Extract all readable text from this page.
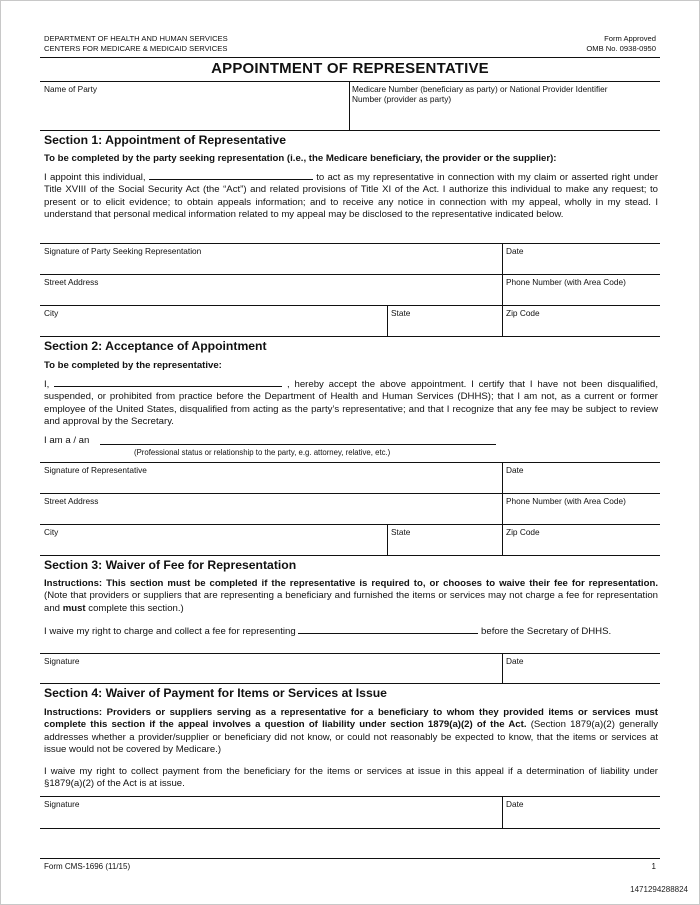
DEPARTMENT OF HEALTH AND HUMAN SERVICES
CENTERS FOR MEDICARE & MEDICAID SERVICES
Form Approved
OMB No. 0938-0950
APPOINTMENT OF REPRESENTATIVE
Name of Party	Medicare Number (beneficiary as party) or National Provider Identifier
Number (provider as party)
Section 1: Appointment of Representative
To be completed by the party seeking representation (i.e., the Medicare beneficiary, the provider or the supplier):
I appoint this individual,	to act as my representative in connection with my claim or asserted right under Title XVIII of the Social Security Act (the “Act”) and related provisions of Title XI of the Act. I authorize this individual to make any request; to present or to elicit evidence; to obtain appeals information; and to receive any notice in connection with my appeal, wholly in my stead. I understand that personal medical information related to my appeal may be disclosed to the representative indicated below.
Signature of Party Seeking Representation	Date
Street Address	Phone Number (with Area Code)
City	State	Zip Code
Section 2: Acceptance of Appointment
To be completed by the representative:
I,	, hereby accept the above appointment. I certify that I have not been disqualified, suspended, or prohibited from practice before the Department of Health and Human Services (DHHS); that I am not, as a current or former employee of the United States, disqualified from acting as the party’s representative; and that I recognize that any fee may be subject to review and approval by the Secretary.
I am a / an
(Professional status or relationship to the party, e.g. attorney, relative, etc.)
Signature of Representative	Date
Street Address	Phone Number (with Area Code)
City	State	Zip Code
Section 3: Waiver of Fee for Representation
Instructions: This section must be completed if the representative is required to, or chooses to waive their fee for representation. (Note that providers or suppliers that are representing a beneficiary and furnished the items or services may not charge a fee for representation and must complete this section.)
I waive my right to charge and collect a fee for representing	before the Secretary of DHHS.
Signature	Date
Section 4: Waiver of Payment for Items or Services at Issue
Instructions: Providers or suppliers serving as a representative for a beneficiary to whom they provided items or services must complete this section if the appeal involves a question of liability under section 1879(a)(2) of the Act. (Section 1879(a)(2) generally addresses whether a provider/supplier or beneficiary did not know, or could not reasonably be expected to know, that the items or services at issue would not be covered by Medicare.)
I waive my right to collect payment from the beneficiary for the items or services at issue in this appeal if a determination of liability under §1879(a)(2) of the Act is at issue.
Signature	Date
Form CMS-1696 (11/15)	1
1471294288824
